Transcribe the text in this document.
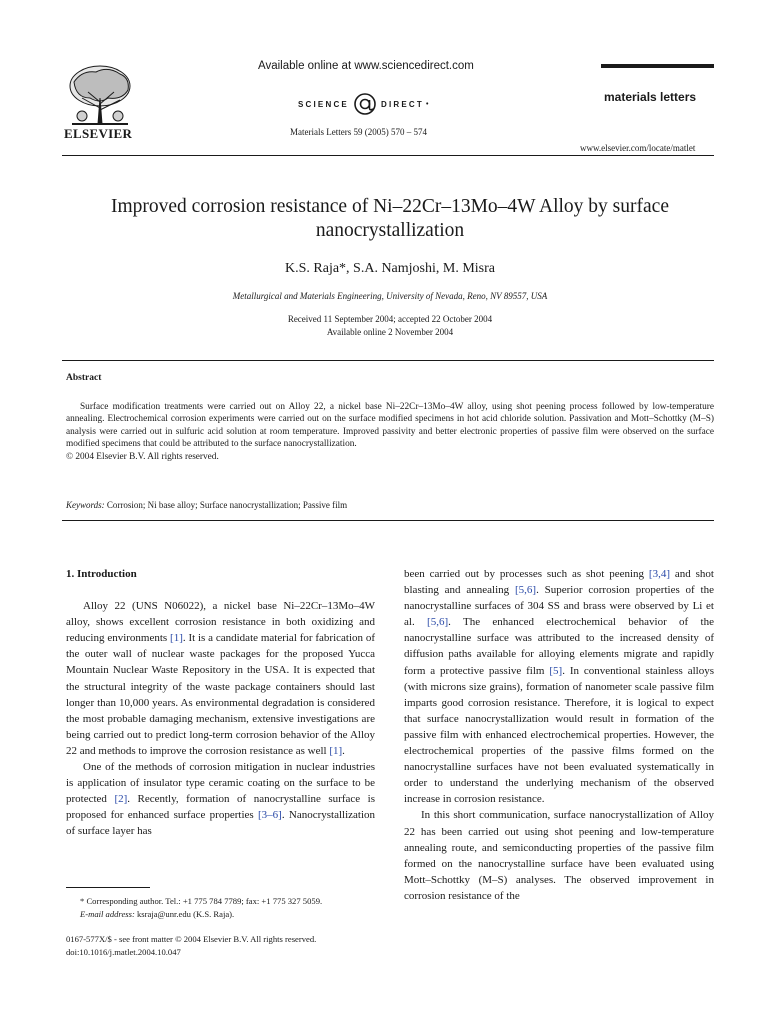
ELSEVIER
Available online at www.sciencedirect.com
SCIENCE	DIRECT •
Materials Letters 59 (2005) 570 – 574
materials letters
www.elsevier.com/locate/matlet
Improved corrosion resistance of Ni–22Cr–13Mo–4W Alloy by surface nanocrystallization
K.S. Raja*, S.A. Namjoshi, M. Misra
Metallurgical and Materials Engineering, University of Nevada, Reno, NV 89557, USA
Received 11 September 2004; accepted 22 October 2004
Available online 2 November 2004
Abstract

Surface modification treatments were carried out on Alloy 22, a nickel base Ni–22Cr–13Mo–4W alloy, using shot peening process followed by low-temperature annealing. Electrochemical corrosion experiments were carried out on the surface modified specimens in hot acid chloride solution. Passivation and Mott–Schottky (M–S) analysis were carried out in sulfuric acid solution at room temperature. Improved passivity and better electronic properties of passive film were observed on the surface modified specimens that could be attributed to the surface nanocrystallization.

© 2004 Elsevier B.V. All rights reserved.
Keywords: Corrosion; Ni base alloy; Surface nanocrystallization; Passive film

1. Introduction

Alloy 22 (UNS N06022), a nickel base Ni–22Cr–13Mo–4W alloy, shows excellent corrosion resistance in both oxidizing and reducing environments [1]. It is a candidate material for fabrication of the outer wall of nuclear waste packages for the proposed Yucca Mountain Nuclear Waste Repository in the USA. It is expected that the structural integrity of the waste package containers should last longer than 10,000 years. As environmental degradation is considered the most probable damaging mechanism, extensive investigations are being carried out to predict long-term corrosion behavior of the Alloy 22 and methods to improve the corrosion resistance as well [1].

One of the methods of corrosion mitigation in nuclear industries is application of insulator type ceramic coating on the surface to be protected [2]. Recently, formation of nanocrystalline surface is proposed for enhanced surface properties [3–6]. Nanocrystallization of surface layer has

been carried out by processes such as shot peening [3,4] and shot blasting and annealing [5,6]. Superior corrosion properties of the nanocrystalline surfaces of 304 SS and brass were observed by Li et al. [5,6]. The enhanced electrochemical behavior of the nanocrystalline surface was attributed to the increased density of diffusion paths available for alloying elements migrate and rapidly form a protective passive film [5]. In conventional stainless alloys (with microns size grains), formation of nanometer scale passive film imparts good corrosion resistance. Therefore, it is logical to expect that surface nanocrystallization would result in formation of the passive film with enhanced electrochemical properties. However, the electrochemical properties of the passive films formed on the nanocrystalline surfaces have not been evaluated systematically in order to understand the underlying mechanism of the observed increase in corrosion resistance.

In this short communication, surface nanocrystallization of Alloy 22 has been carried out using shot peening and low-temperature annealing route, and semiconducting properties of the passive film formed on the nanocrystalline surface have been evaluated using Mott–Schottky (M–S) analyses. The observed improvement in corrosion resistance of the

* Corresponding author. Tel.: +1 775 784 7789; fax: +1 775 327 5059.
E-mail address: ksraja@unr.edu (K.S. Raja).
0167-577X/$ - see front matter © 2004 Elsevier B.V. All rights reserved.
doi:10.1016/j.matlet.2004.10.047
